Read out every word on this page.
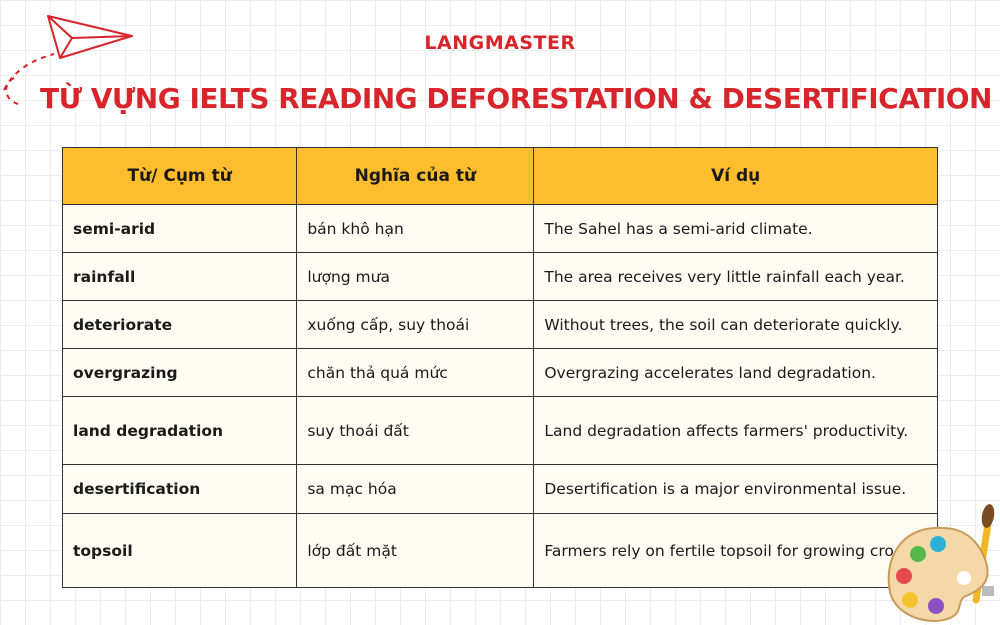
LANGMASTER
TỪ VỰNG IELTS READING DEFORESTATION & DESERTIFICATION
Từ/ Cụm từ	Nghĩa của từ	Ví dụ
semi-arid	bán khô hạn	The Sahel has a semi-arid climate.
rainfall	lượng mưa	The area receives very little rainfall each year.
deteriorate	xuống cấp, suy thoái	Without trees, the soil can deteriorate quickly.
overgrazing	chăn thả quá mức	Overgrazing accelerates land degradation.
land degradation	suy thoái đất	Land degradation affects farmers' productivity.
desertification	sa mạc hóa	Desertification is a major environmental issue.
topsoil	lớp đất mặt	Farmers rely on fertile topsoil for growing cro
